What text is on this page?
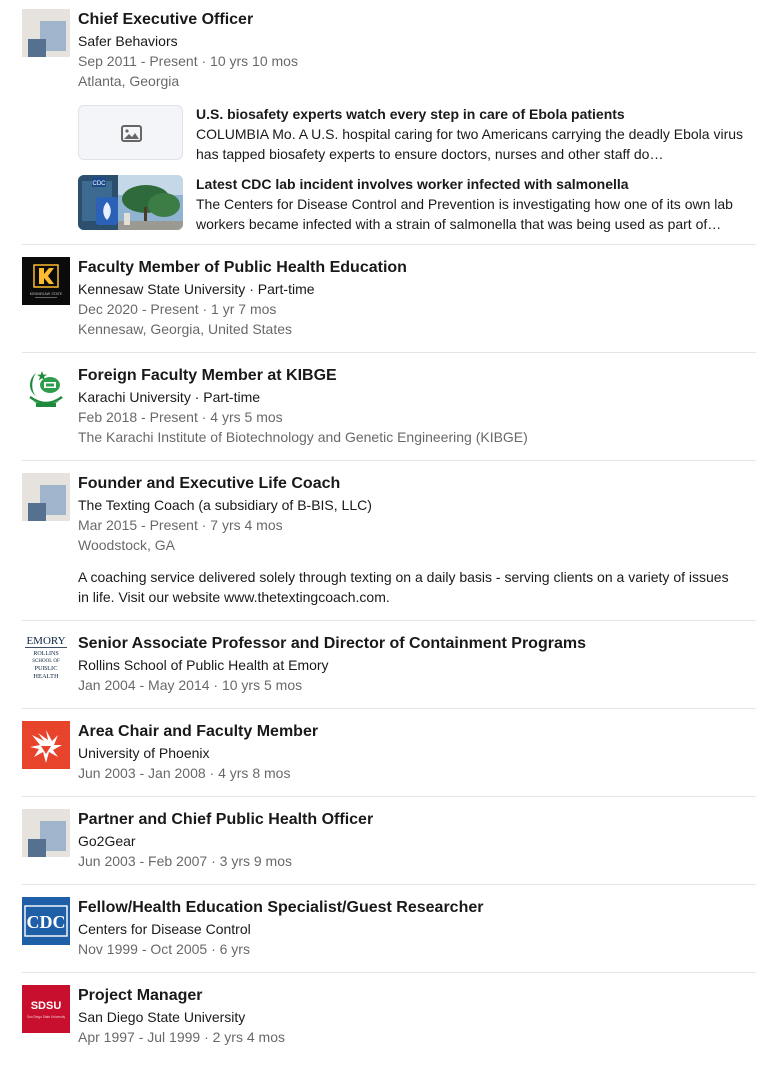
Chief Executive Officer
Safer Behaviors
Sep 2011 - Present · 10 yrs 10 mos
Atlanta, Georgia
U.S. biosafety experts watch every step in care of Ebola patients
COLUMBIA Mo. A U.S. hospital caring for two Americans carrying the deadly Ebola virus has tapped biosafety experts to ensure doctors, nurses and other staff do…
CDC	Latest CDC lab incident involves worker infected with salmonella
The Centers for Disease Control and Prevention is investigating how one of its own lab workers became infected with a strain of salmonella that was being used as part of…
KENNESAW STATE
Faculty Member of Public Health Education
Kennesaw State University · Part-time
Dec 2020 - Present · 1 yr 7 mos
Kennesaw, Georgia, United States
Foreign Faculty Member at KIBGE
Karachi University · Part-time
Feb 2018 - Present · 4 yrs 5 mos
The Karachi Institute of Biotechnology and Genetic Engineering (KIBGE)
Founder and Executive Life Coach
The Texting Coach (a subsidiary of B-BIS, LLC)
Mar 2015 - Present · 7 yrs 4 mos
Woodstock, GA
A coaching service delivered solely through texting on a daily basis - serving clients on a variety of issues in life. Visit our website www.thetextingcoach.com.
EMORY
ROLLINS
SCHOOL OF
PUBLIC
HEALTH
Senior Associate Professor and Director of Containment Programs
Rollins School of Public Health at Emory
Jan 2004 - May 2014 · 10 yrs 5 mos
Area Chair and Faculty Member
University of Phoenix
Jun 2003 - Jan 2008 · 4 yrs 8 mos
Partner and Chief Public Health Officer
Go2Gear
Jun 2003 - Feb 2007 · 3 yrs 9 mos
CDC
Fellow/Health Education Specialist/Guest Researcher
Centers for Disease Control
Nov 1999 - Oct 2005 · 6 yrs
SDSU
San Diego State University
Project Manager
San Diego State University
Apr 1997 - Jul 1999 · 2 yrs 4 mos
